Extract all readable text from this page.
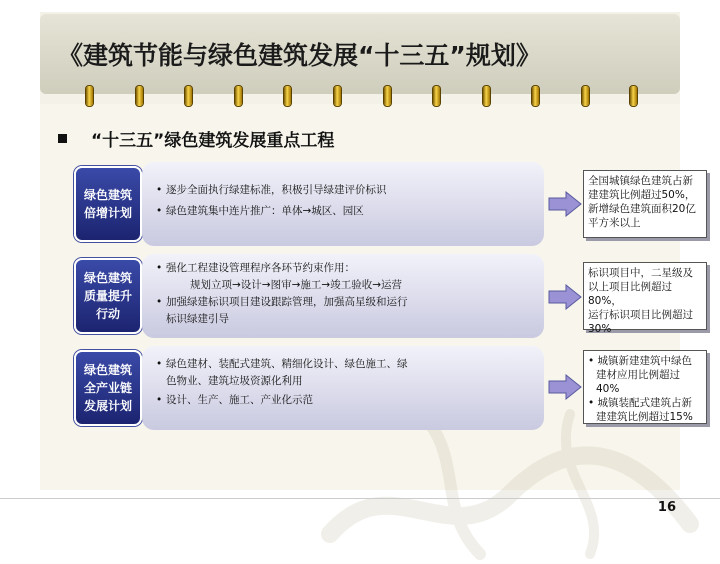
《建筑节能与绿色建筑发展“十三五”规划》
“十三五”绿色建筑发展重点工程
绿色建筑
倍增计划
• 逐步全面执行绿建标准，积极引导绿建评价标识
• 绿色建筑集中连片推广：单体→城区、园区
全国城镇绿色建筑占新
建建筑比例超过50%，
新增绿色建筑面积20亿
平方米以上
绿色建筑
质量提升
行动
• 强化工程建设管理程序各环节约束作用：
规划立项→设计→图审→施工→竣工验收→运营
• 加强绿建标识项目建设跟踪管理，加强高星级和运行
标识绿建引导
标识项目中，二星级及
以上项目比例超过80%，
运行标识项目比例超过
30%
绿色建筑
全产业链
发展计划
• 绿色建材、装配式建筑、精细化设计、绿色施工、绿
色物业、建筑垃圾资源化利用
• 设计、生产、施工、产业化示范
• 城镇新建建筑中绿色
建材应用比例超过40%
• 城镇装配式建筑占新
建建筑比例超过15%
16
